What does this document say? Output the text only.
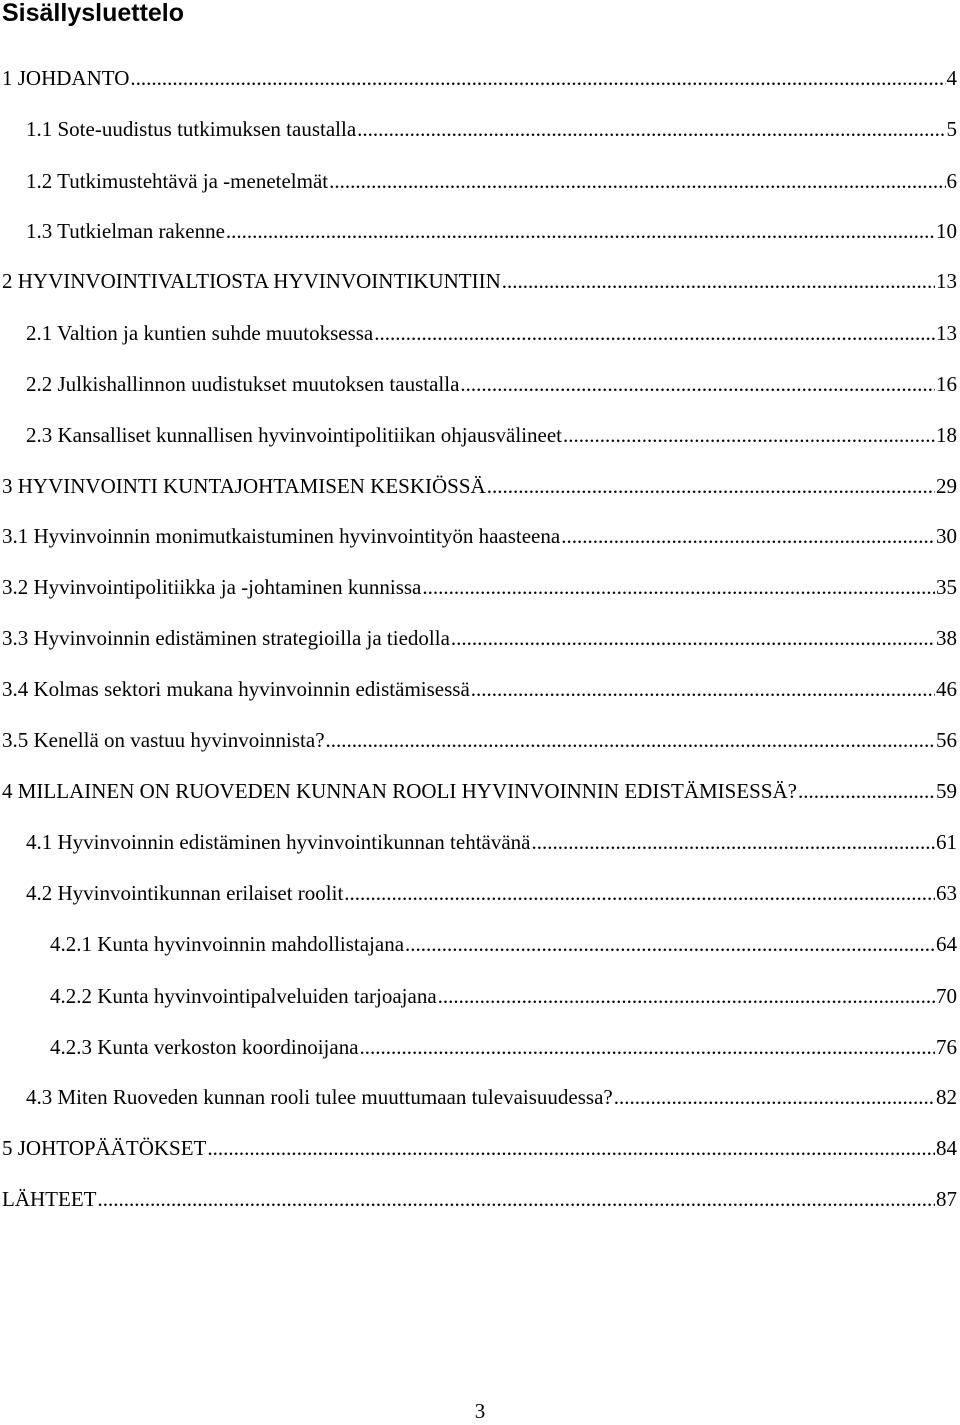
Sisällysluettelo
1 JOHDANTO .....	4
1.1 Sote-uudistus tutkimuksen taustalla .....	5
1.2 Tutkimustehtävä ja -menetelmät .....	6
1.3 Tutkielman rakenne .....	10
2 HYVINVOINTIVALTIOSTA HYVINVOINTIKUNTIIN .....	13
2.1 Valtion ja kuntien suhde muutoksessa .....	13
2.2 Julkishallinnon uudistukset muutoksen taustalla .....	16
2.3 Kansalliset kunnallisen hyvinvointipolitiikan ohjausvälineet .....	18
3 HYVINVOINTI KUNTAJOHTAMISEN KESKIÖSSÄ .....	29
3.1 Hyvinvoinnin monimutkaistuminen hyvinvointityön haasteena .....	30
3.2 Hyvinvointipolitiikka ja -johtaminen kunnissa .....	35
3.3 Hyvinvoinnin edistäminen strategioilla ja tiedolla .....	38
3.4 Kolmas sektori mukana hyvinvoinnin edistämisessä .....	46
3.5 Kenellä on vastuu hyvinvoinnista? .....	56
4 MILLAINEN ON RUOVEDEN KUNNAN ROOLI HYVINVOINNIN EDISTÄMISESSÄ? .....	59
4.1 Hyvinvoinnin edistäminen hyvinvointikunnan tehtävänä .....	61
4.2 Hyvinvointikunnan erilaiset roolit .....	63
4.2.1 Kunta hyvinvoinnin mahdollistajana .....	64
4.2.2 Kunta hyvinvointipalveluiden tarjoajana .....	70
4.2.3 Kunta verkoston koordinoijana .....	76
4.3 Miten Ruoveden kunnan rooli tulee muuttumaan tulevaisuudessa? .....	82
5 JOHTOPÄÄTÖKSET .....	84
LÄHTEET .....	87
3
